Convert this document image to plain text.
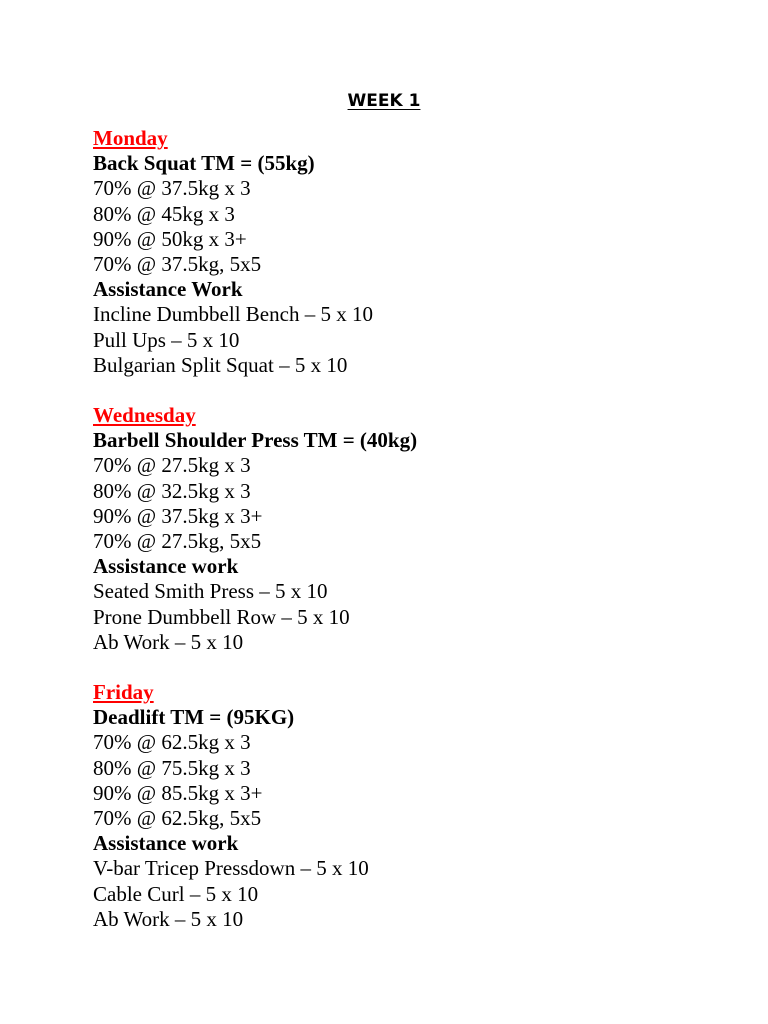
WEEK 1
Monday
Back Squat TM = (55kg)
70% @ 37.5kg x 3
80% @ 45kg x 3
90% @ 50kg x 3+
70% @ 37.5kg, 5x5
Assistance Work
Incline Dumbbell Bench – 5 x 10
Pull Ups – 5 x 10
Bulgarian Split Squat – 5 x 10
Wednesday
Barbell Shoulder Press TM = (40kg)
70% @ 27.5kg x 3
80% @ 32.5kg x 3
90% @ 37.5kg x 3+
70% @ 27.5kg, 5x5
Assistance work
Seated Smith Press – 5 x 10
Prone Dumbbell Row – 5 x 10
Ab Work – 5 x 10
Friday
Deadlift TM = (95KG)
70% @ 62.5kg x 3
80% @ 75.5kg x 3
90% @ 85.5kg x 3+
70% @ 62.5kg, 5x5
Assistance work
V-bar Tricep Pressdown – 5 x 10
Cable Curl – 5 x 10
Ab Work – 5 x 10
